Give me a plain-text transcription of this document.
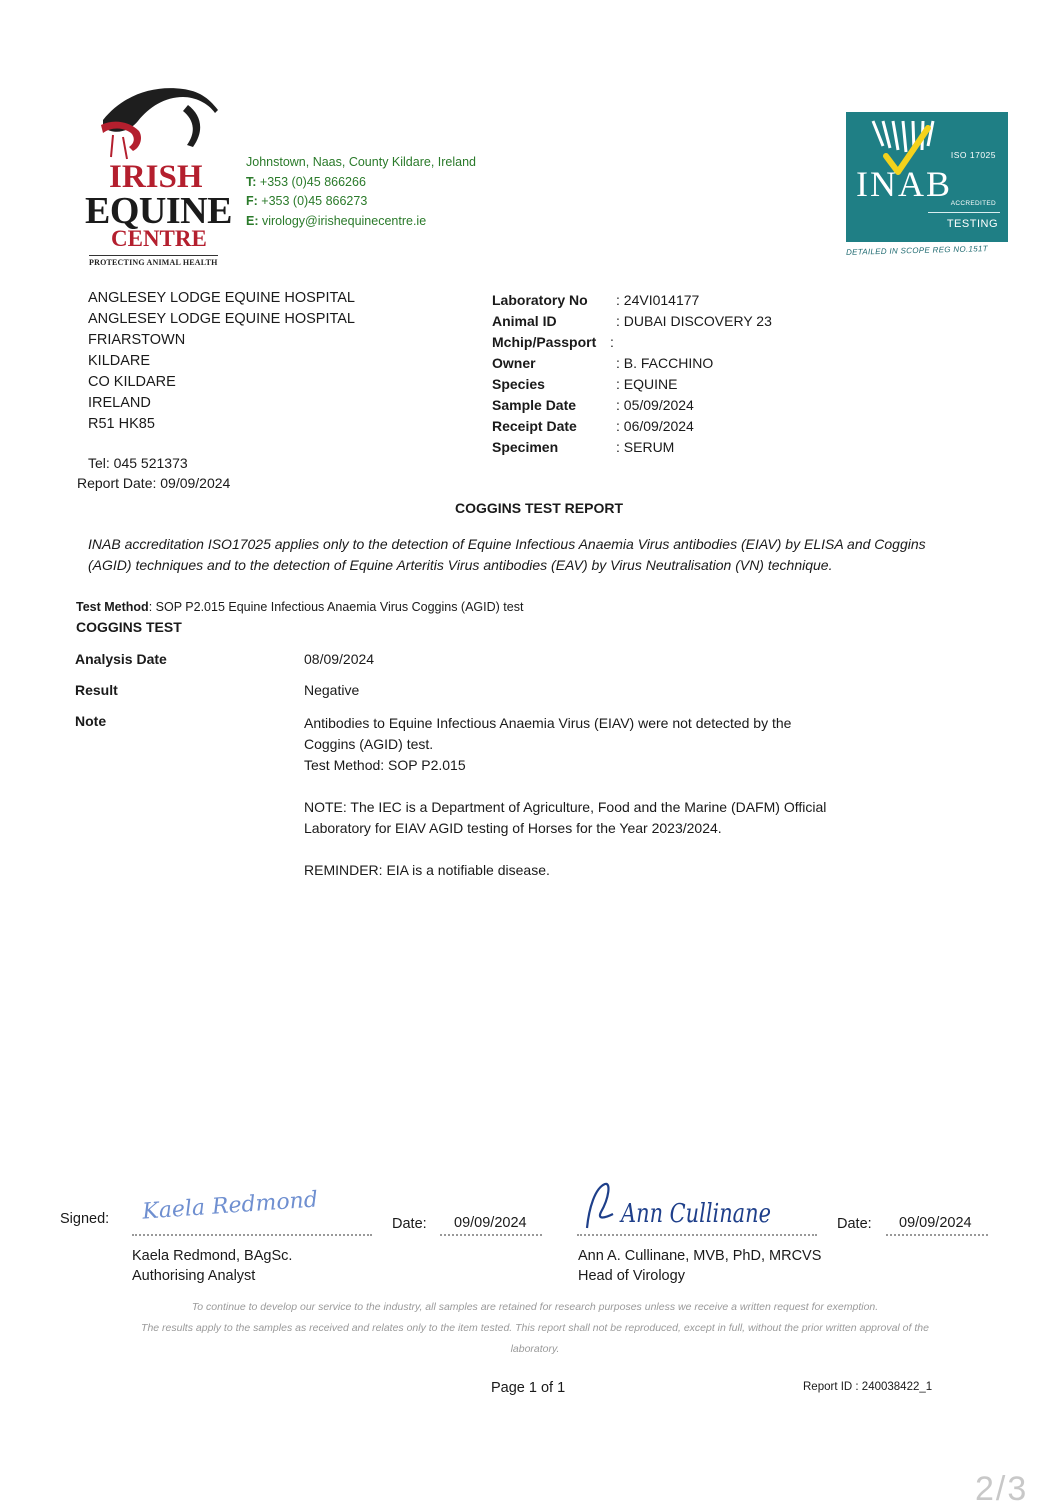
IRISH
EQUINE
CENTRE
PROTECTING ANIMAL HEALTH
Johnstown, Naas, County Kildare, Ireland
T: +353 (0)45 866266
F: +353 (0)45 866273
E: virology@irishequinecentre.ie
ISO 17025
INAB
ACCREDITED
TESTING
DETAILED IN SCOPE REG NO.151T
ANGLESEY LODGE EQUINE HOSPITAL
ANGLESEY LODGE EQUINE HOSPITAL
FRIARSTOWN
KILDARE
CO KILDARE
IRELAND
R51 HK85
Tel: 045 521373
Report Date: 09/09/2024
Laboratory No	: 24VI014177
Animal ID	: DUBAI DISCOVERY 23
Mchip/Passport :
Owner	: B. FACCHINO
Species	: EQUINE
Sample Date	: 05/09/2024
Receipt Date	: 06/09/2024
Specimen	: SERUM
COGGINS TEST REPORT
INAB accreditation ISO17025 applies only to the detection of Equine Infectious Anaemia Virus antibodies (EIAV) by ELISA and Coggins (AGID) techniques and to the detection of Equine Arteritis Virus antibodies (EAV) by Virus Neutralisation (VN) technique.
Test Method: SOP P2.015 Equine Infectious Anaemia Virus Coggins (AGID) test
COGGINS TEST
Analysis Date	08/09/2024
Result	Negative
Note	Antibodies to Equine Infectious Anaemia Virus (EIAV) were not detected by the Coggins (AGID) test.
Test Method: SOP P2.015

NOTE: The IEC is a Department of Agriculture, Food and the Marine (DAFM) Official Laboratory for EIAV AGID testing of Horses for the Year 2023/2024.

REMINDER: EIA is a notifiable disease.

Signed: Kaela Redmond	Date: 09/09/2024
Kaela Redmond, BAgSc.
Authorising Analyst
Ann Cullinane	Date: 09/09/2024
Ann A. Cullinane, MVB, PhD, MRCVS
Head of Virology
To continue to develop our service to the industry, all samples are retained for research purposes unless we receive a written request for exemption.
The results apply to the samples as received and relates only to the item tested. This report shall not be reproduced, except in full, without the prior written approval of the laboratory.
Page 1 of 1	Report ID : 240038422_1
2/3
